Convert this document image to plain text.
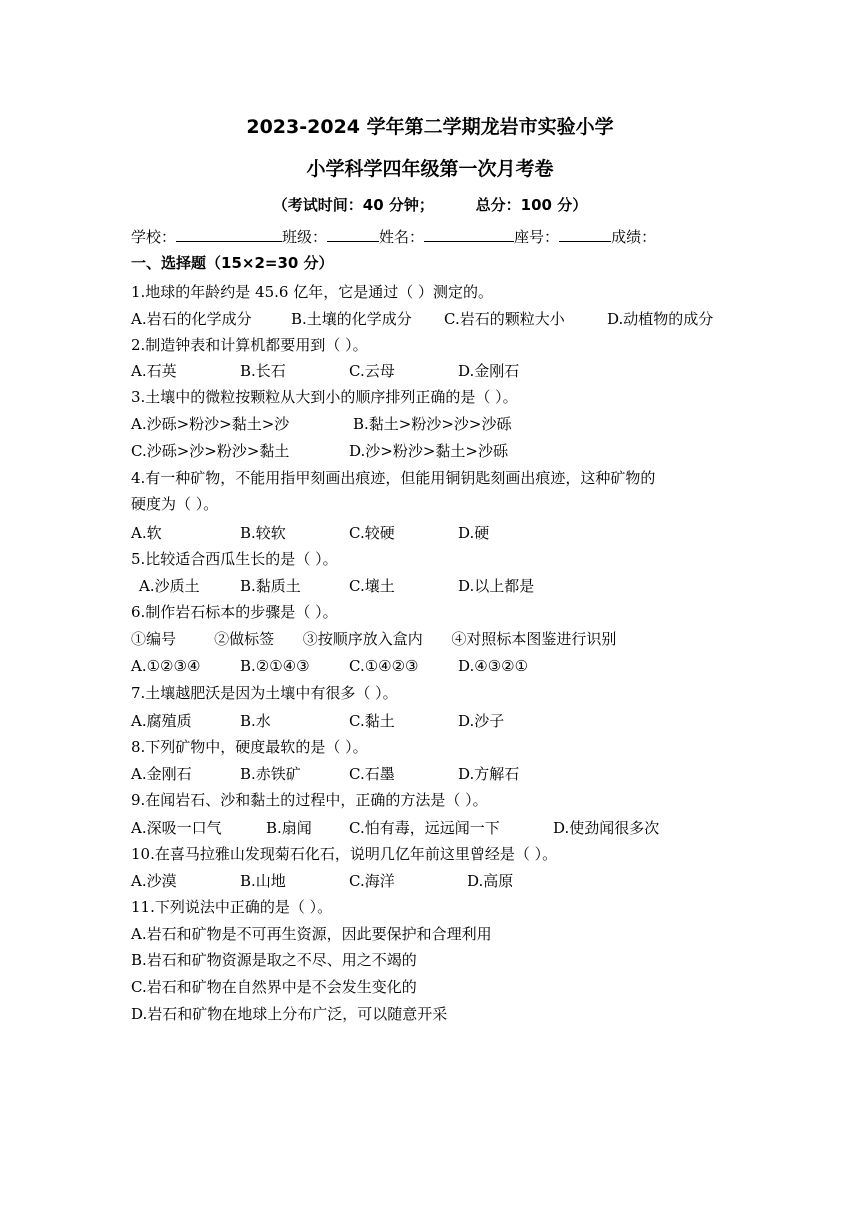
2023-2024 学年第二学期龙岩市实验小学
小学科学四年级第一次月考卷
（考试时间：40 分钟；        总分：100 分）
学校：	班级：	姓名：	座号：	成绩：
一、选择题（15×2=30 分）
1.地球的年龄约是 45.6 亿年，它是通过（ ）测定的。
A.岩石的化学成分	B.土壤的化学成分 C.岩石的颗粒大小	D.动植物的成分
2.制造钟表和计算机都要用到（ ）。
A.石英	B.长石	C.云母	D.金刚石
3.土壤中的微粒按颗粒从大到小的顺序排列正确的是（ ）。
A.沙砾>粉沙>黏土>沙	B.黏土>粉沙>沙>沙砾
C.沙砾>沙>粉沙>黏土	D.沙>粉沙>黏土>沙砾
4.有一种矿物，不能用指甲刻画出痕迹，但能用铜钥匙刻画出痕迹，这种矿物的
硬度为（ ）。
A.软	B.较软	C.较硬	D.硬
5.比较适合西瓜生长的是（ ）。
A.沙质土	B.黏质土	C.壤土	D.以上都是
6.制作岩石标本的步骤是（ ）。
①编号        ②做标签      ③按顺序放入盒内      ④对照标本图鉴进行识别
A.①②③④	B.②①④③	C.①④②③	D.④③②①
7.土壤越肥沃是因为土壤中有很多（ ）。
A.腐殖质	B.水	C.黏土	D.沙子
8.下列矿物中，硬度最软的是（ ）。
A.金刚石	B.赤铁矿	C.石墨	D.方解石
9.在闻岩石、沙和黏土的过程中，正确的方法是（ ）。
A.深吸一口气	B.扇闻 C.怕有毒，远远闻一下	D.使劲闻很多次
10.在喜马拉雅山发现菊石化石，说明几亿年前这里曾经是（ ）。
A.沙漠	B.山地	C.海洋	D.高原
11.下列说法中正确的是（ ）。
A.岩石和矿物是不可再生资源，因此要保护和合理利用
B.岩石和矿物资源是取之不尽、用之不竭的
C.岩石和矿物在自然界中是不会发生变化的
D.岩石和矿物在地球上分布广泛，可以随意开采
